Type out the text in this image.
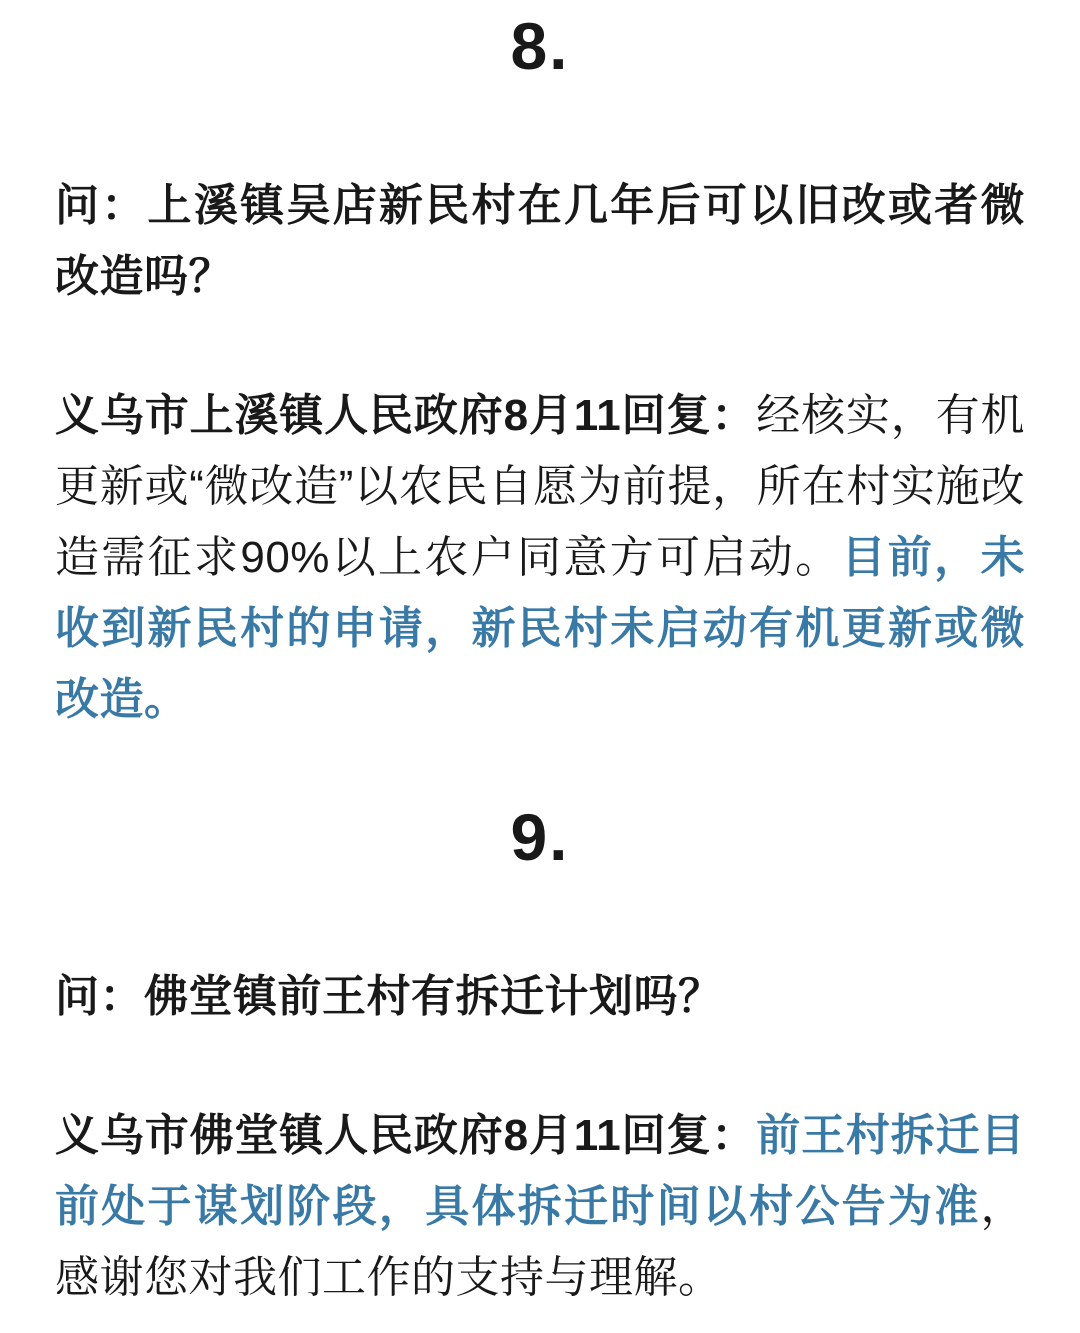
8.

问：上溪镇吴店新民村在几年后可以旧改或者微改造吗？

义乌市上溪镇人民政府8月11回复：经核实，有机更新或“微改造”以农民自愿为前提，所在村实施改造需征求90%以上农户同意方可启动。目前，未收到新民村的申请，新民村未启动有机更新或微改造。

9.

问：佛堂镇前王村有拆迁计划吗？

义乌市佛堂镇人民政府8月11回复：前王村拆迁目前处于谋划阶段，具体拆迁时间以村公告为准，感谢您对我们工作的支持与理解。
